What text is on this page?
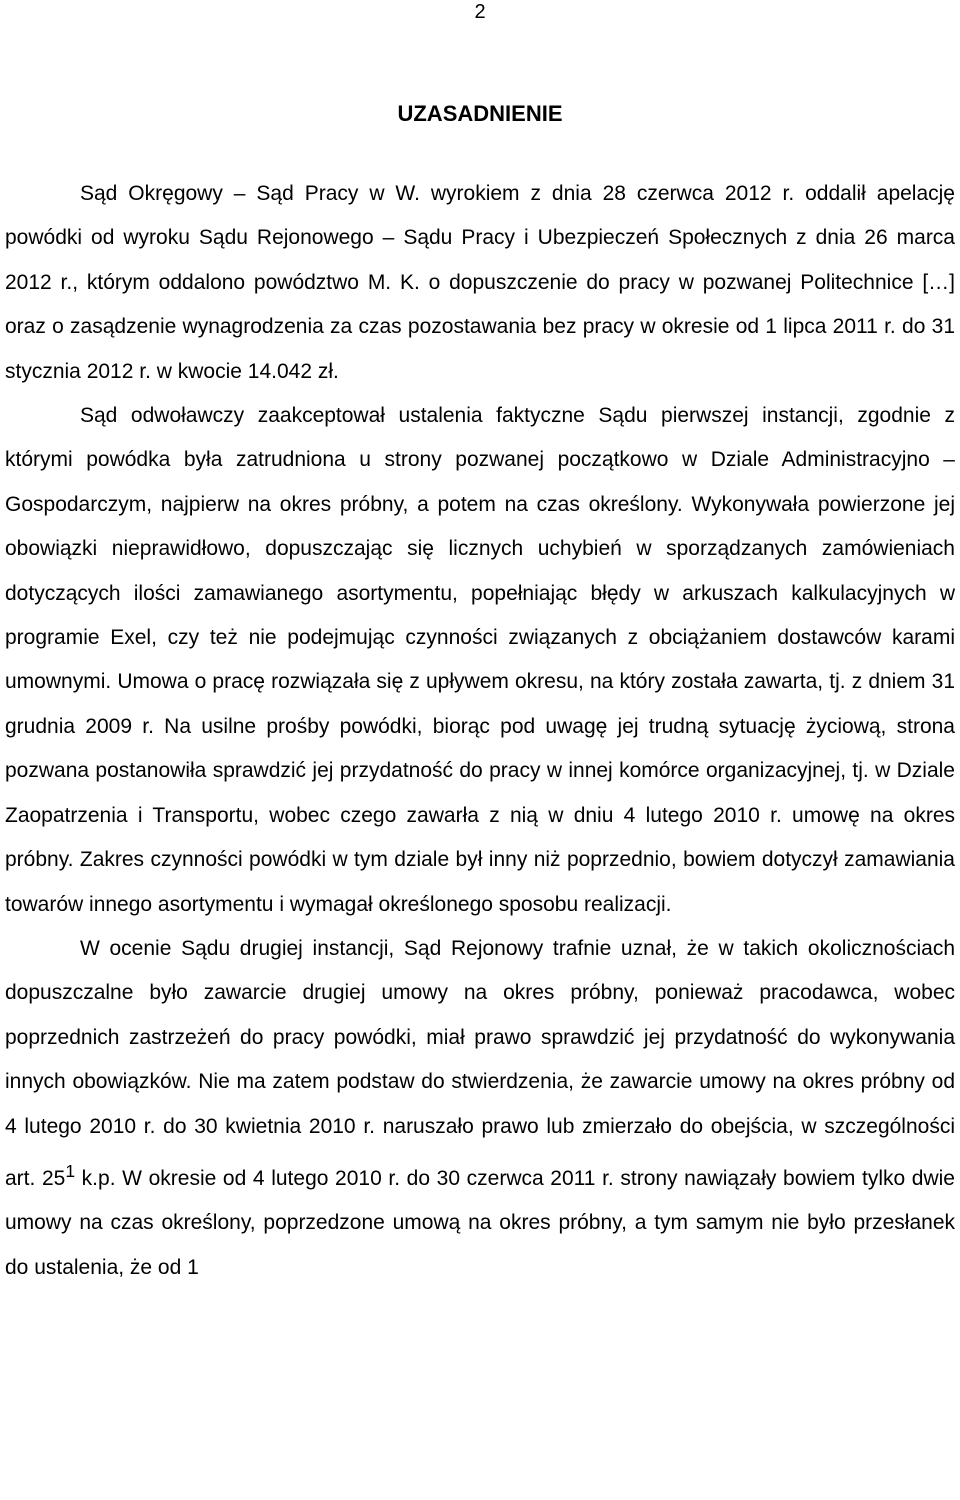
2
UZASADNIENIE

Sąd Okręgowy – Sąd Pracy w W. wyrokiem z dnia 28 czerwca 2012 r. oddalił apelację powódki od wyroku Sądu Rejonowego – Sądu Pracy i Ubezpieczeń Społecznych z dnia 26 marca 2012 r., którym oddalono powództwo M. K. o dopuszczenie do pracy w pozwanej Politechnice […] oraz o zasądzenie wynagrodzenia za czas pozostawania bez pracy w okresie od 1 lipca 2011 r. do 31 stycznia 2012 r. w kwocie 14.042 zł.

Sąd odwoławczy zaakceptował ustalenia faktyczne Sądu pierwszej instancji, zgodnie z którymi powódka była zatrudniona u strony pozwanej początkowo w Dziale Administracyjno – Gospodarczym, najpierw na okres próbny, a potem na czas określony. Wykonywała powierzone jej obowiązki nieprawidłowo, dopuszczając się licznych uchybień w sporządzanych zamówieniach dotyczących ilości zamawianego asortymentu, popełniając błędy w arkuszach kalkulacyjnych w programie Exel, czy też nie podejmując czynności związanych z obciążaniem dostawców karami umownymi. Umowa o pracę rozwiązała się z upływem okresu, na który została zawarta, tj. z dniem 31 grudnia 2009 r. Na usilne prośby powódki, biorąc pod uwagę jej trudną sytuację życiową, strona pozwana postanowiła sprawdzić jej przydatność do pracy w innej komórce organizacyjnej, tj. w Dziale Zaopatrzenia i Transportu, wobec czego zawarła z nią w dniu 4 lutego 2010 r. umowę na okres próbny. Zakres czynności powódki w tym dziale był inny niż poprzednio, bowiem dotyczył zamawiania towarów innego asortymentu i wymagał określonego sposobu realizacji.

W ocenie Sądu drugiej instancji, Sąd Rejonowy trafnie uznał, że w takich okolicznościach dopuszczalne było zawarcie drugiej umowy na okres próbny, ponieważ pracodawca, wobec poprzednich zastrzeżeń do pracy powódki, miał prawo sprawdzić jej przydatność do wykonywania innych obowiązków. Nie ma zatem podstaw do stwierdzenia, że zawarcie umowy na okres próbny od 4 lutego 2010 r. do 30 kwietnia 2010 r. naruszało prawo lub zmierzało do obejścia, w szczególności art. $25^1$ k.p. W okresie od 4 lutego 2010 r. do 30 czerwca 2011 r. strony nawiązały bowiem tylko dwie umowy na czas określony, poprzedzone umową na okres próbny, a tym samym nie było przesłanek do ustalenia, że od 1
